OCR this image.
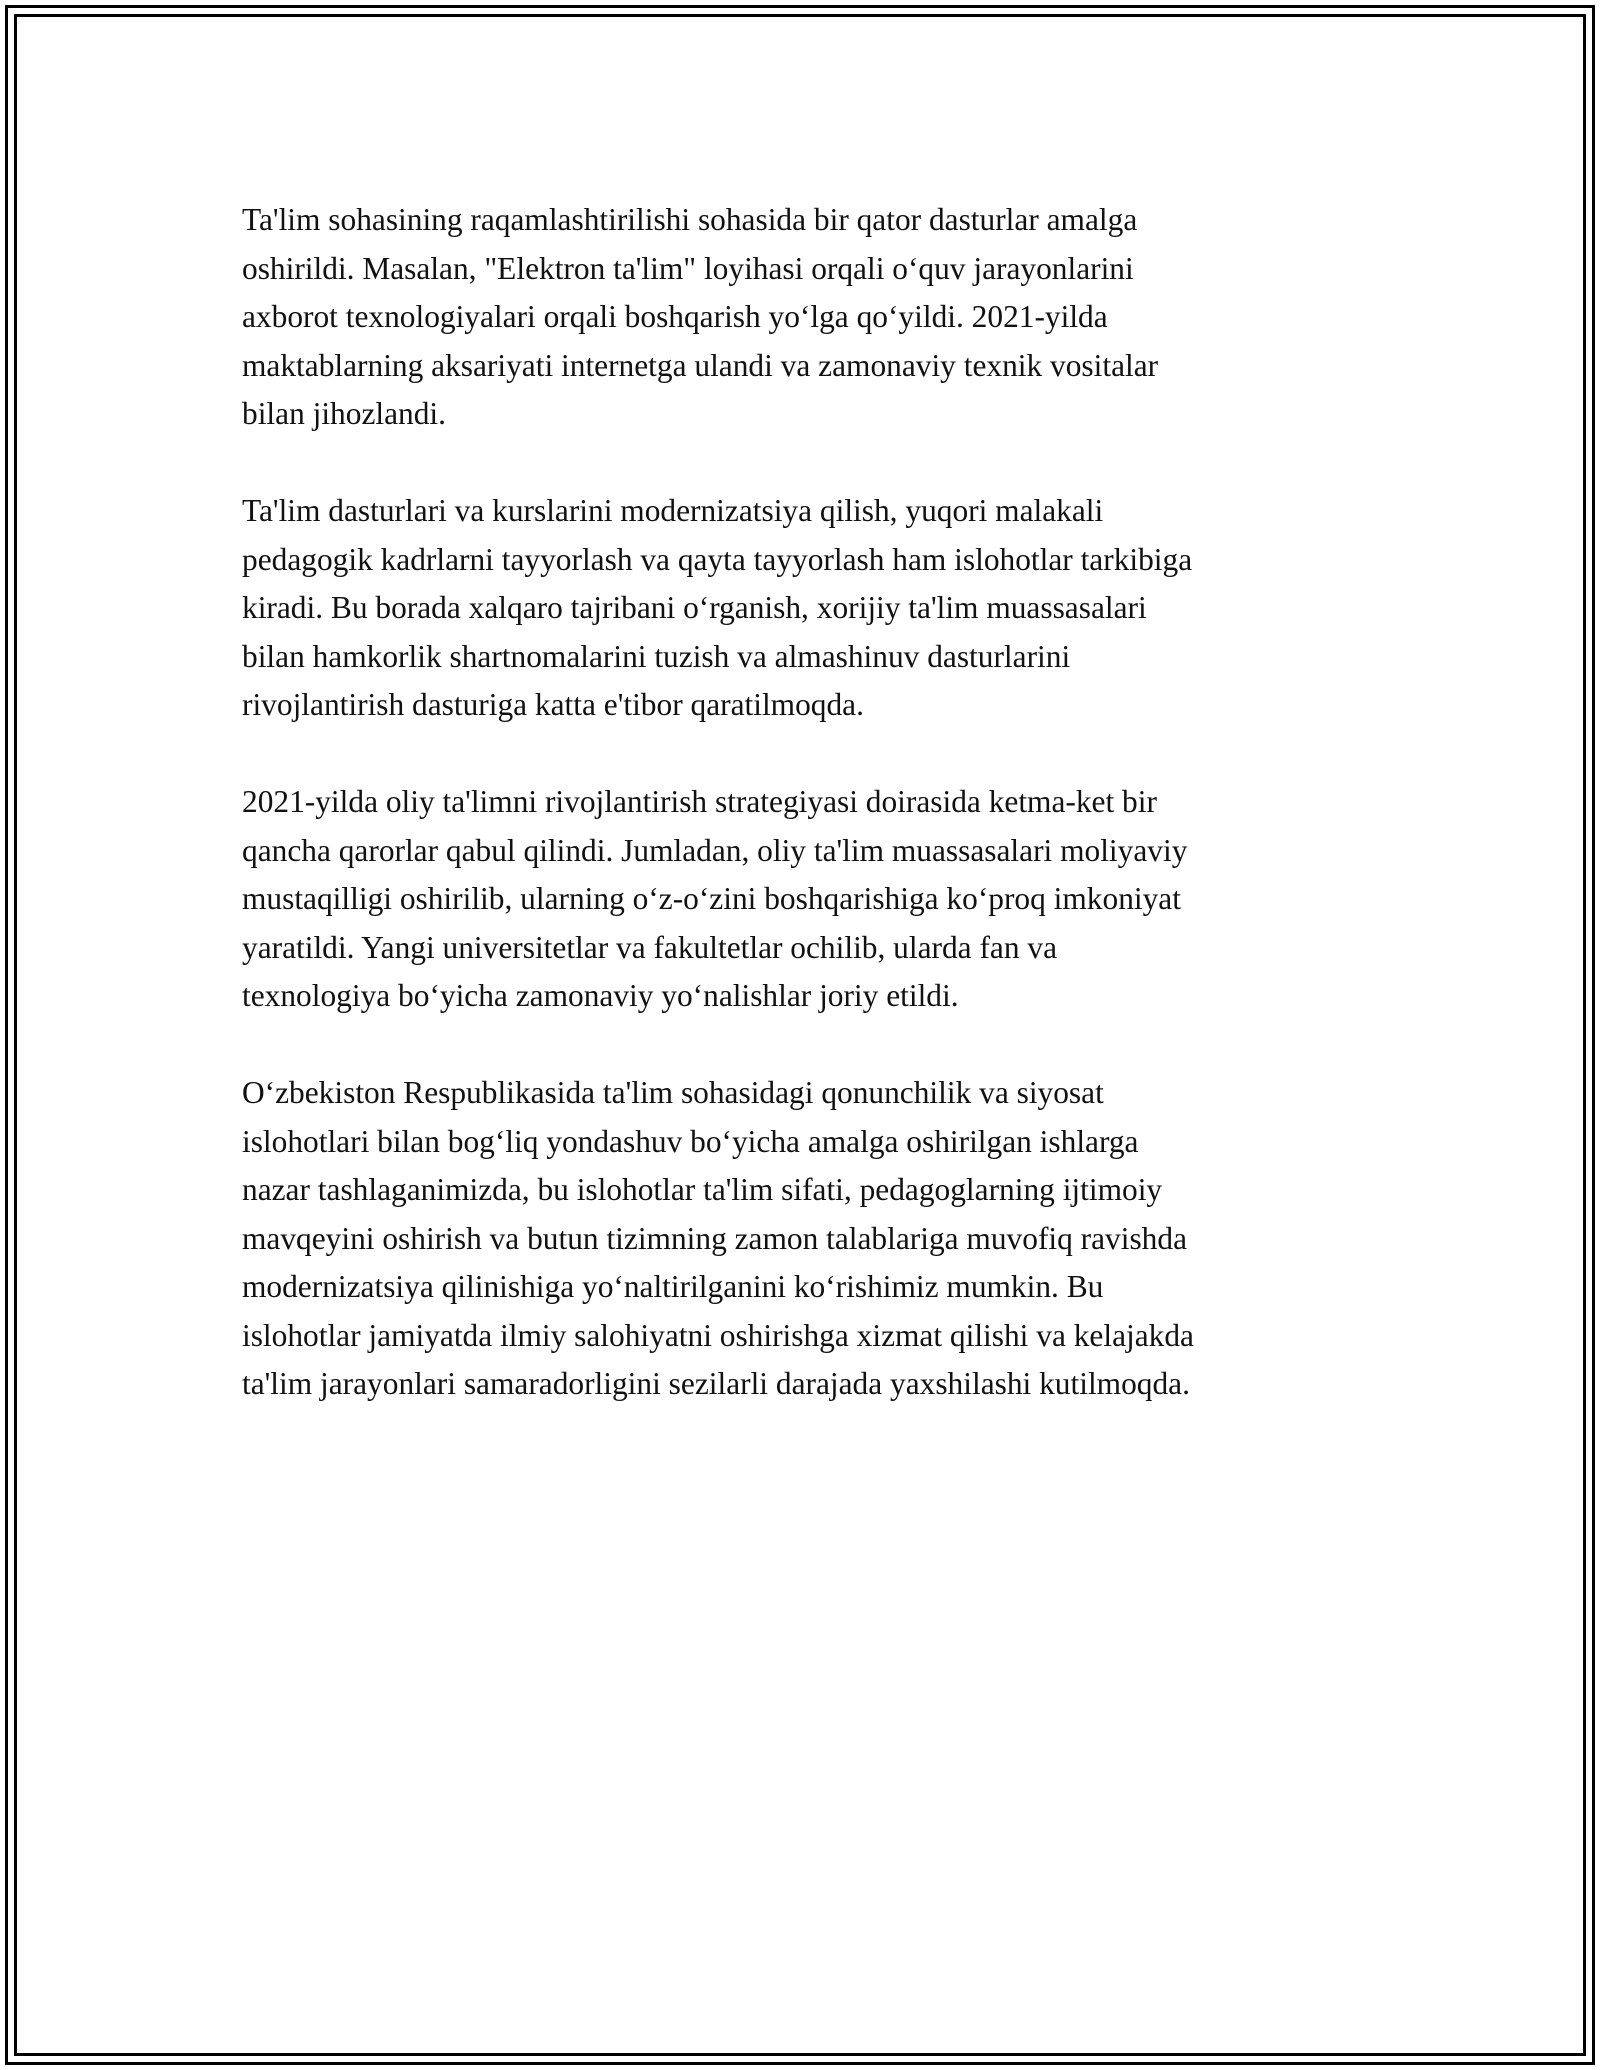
Ta'lim sohasining raqamlashtirilishi sohasida bir qator dasturlar amalga
oshirildi. Masalan, "Elektron ta'lim" loyihasi orqali o‘quv jarayonlarini
axborot texnologiyalari orqali boshqarish yo‘lga qo‘yildi. 2021-yilda
maktablarning aksariyati internetga ulandi va zamonaviy texnik vositalar
bilan jihozlandi.

Ta'lim dasturlari va kurslarini modernizatsiya qilish, yuqori malakali
pedagogik kadrlarni tayyorlash va qayta tayyorlash ham islohotlar tarkibiga
kiradi. Bu borada xalqaro tajribani o‘rganish, xorijiy ta'lim muassasalari
bilan hamkorlik shartnomalarini tuzish va almashinuv dasturlarini
rivojlantirish dasturiga katta e'tibor qaratilmoqda.

2021-yilda oliy ta'limni rivojlantirish strategiyasi doirasida ketma-ket bir
qancha qarorlar qabul qilindi. Jumladan, oliy ta'lim muassasalari moliyaviy
mustaqilligi oshirilib, ularning o‘z-o‘zini boshqarishiga ko‘proq imkoniyat
yaratildi. Yangi universitetlar va fakultetlar ochilib, ularda fan va
texnologiya bo‘yicha zamonaviy yo‘nalishlar joriy etildi.

O‘zbekiston Respublikasida ta'lim sohasidagi qonunchilik va siyosat
islohotlari bilan bog‘liq yondashuv bo‘yicha amalga oshirilgan ishlarga
nazar tashlaganimizda, bu islohotlar ta'lim sifati, pedagoglarning ijtimoiy
mavqeyini oshirish va butun tizimning zamon talablariga muvofiq ravishda
modernizatsiya qilinishiga yo‘naltirilganini ko‘rishimiz mumkin. Bu
islohotlar jamiyatda ilmiy salohiyatni oshirishga xizmat qilishi va kelajakda
ta'lim jarayonlari samaradorligini sezilarli darajada yaxshilashi kutilmoqda.
